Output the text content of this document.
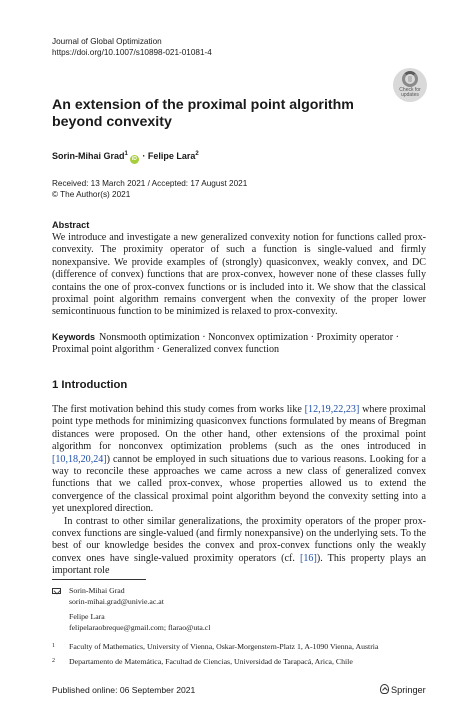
Journal of Global Optimization
https://doi.org/10.1007/s10898-021-01081-4
Check for updates
An extension of the proximal point algorithm beyond convexity
Sorin-Mihai Grad$^1$iD · Felipe Lara$^2$
Received: 13 March 2021 / Accepted: 17 August 2021
© The Author(s) 2021
Abstract
We introduce and investigate a new generalized convexity notion for functions called prox-convexity. The proximity operator of such a function is single-valued and firmly nonexpansive. We provide examples of (strongly) quasiconvex, weakly convex, and DC (difference of convex) functions that are prox-convex, however none of these classes fully contains the one of prox-convex functions or is included into it. We show that the classical proximal point algorithm remains convergent when the convexity of the proper lower semicontinuous function to be minimized is relaxed to prox-convexity.
Keywords Nonsmooth optimization · Nonconvex optimization · Proximity operator · Proximal point algorithm · Generalized convex function
1 Introduction

The first motivation behind this study comes from works like [12,19,22,23] where proximal point type methods for minimizing quasiconvex functions formulated by means of Bregman distances were proposed. On the other hand, other extensions of the proximal point algorithm for nonconvex optimization problems (such as the ones introduced in [10,18,20,24]) cannot be employed in such situations due to various reasons. Looking for a way to reconcile these approaches we came across a new class of generalized convex functions that we called prox-convex, whose properties allowed us to extend the convergence of the classical proximal point algorithm beyond the convexity setting into a yet unexplored direction.

In contrast to other similar generalizations, the proximity operators of the proper prox-convex functions are single-valued (and firmly nonexpansive) on the underlying sets. To the best of our knowledge besides the convex and prox-convex functions only the weakly convex ones have single-valued proximity operators (cf. [16]). This property plays an important role

Sorin-Mihai Grad
sorin-mihai.grad@univie.ac.at
Felipe Lara
felipelaraobreque@gmail.com; flarao@uta.cl
1 Faculty of Mathematics, University of Vienna, Oskar-Morgenstern-Platz 1, A-1090 Vienna, Austria
2 Departamento de Matemática, Facultad de Ciencias, Universidad de Tarapacá, Arica, Chile
Published online: 06 September 2021	Springer
